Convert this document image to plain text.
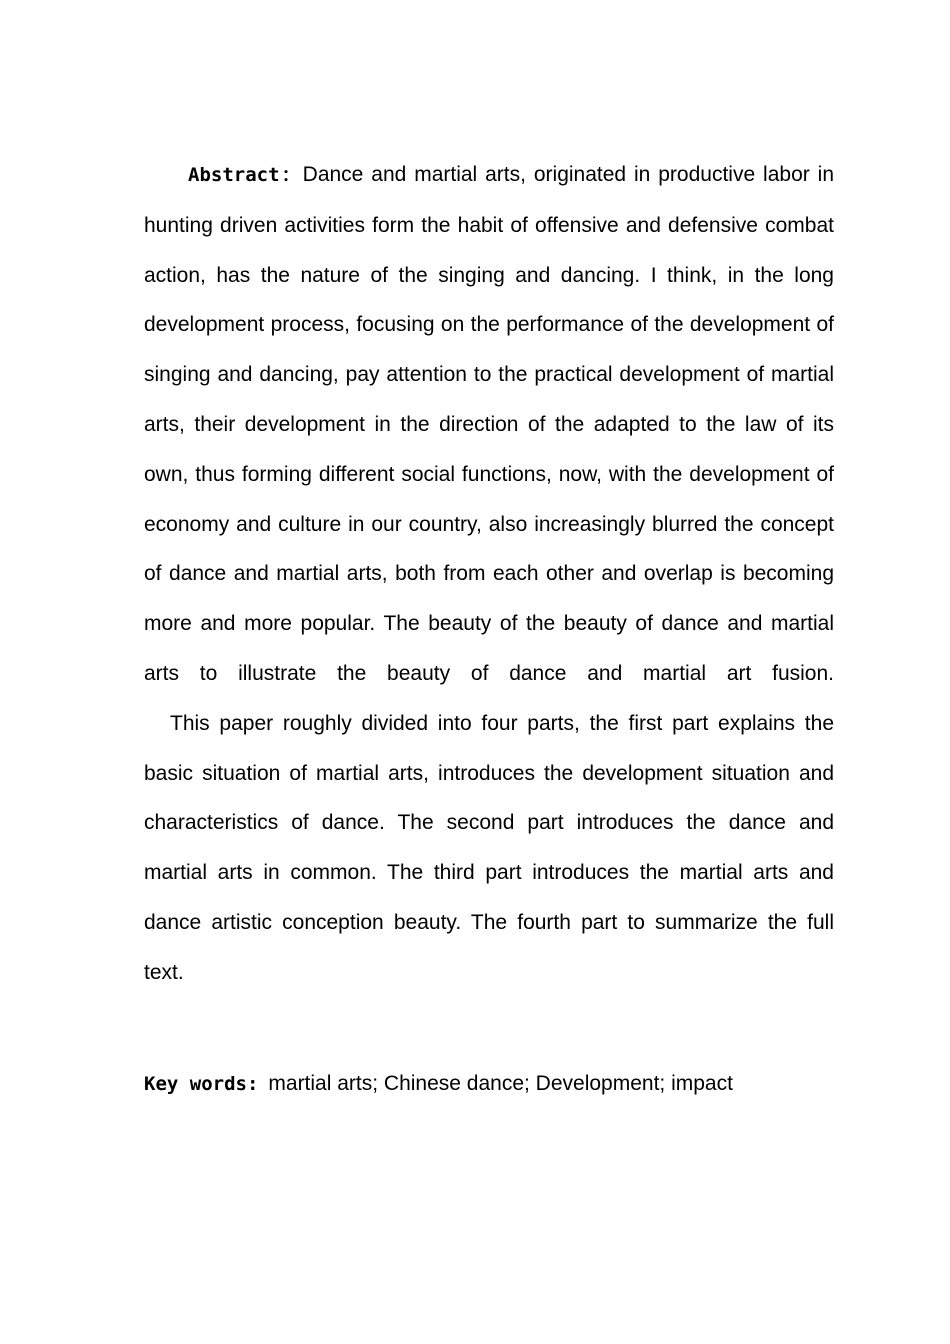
Abstract：Dance and martial arts, originated in productive labor in hunting driven activities form the habit of offensive and defensive combat action, has the nature of the singing and dancing. I think, in the long development process, focusing on the performance of the development of singing and dancing, pay attention to the practical development of martial arts, their development in the direction of the adapted to the law of its own, thus forming different social functions, now, with the development of economy and culture in our country, also increasingly blurred the concept of dance and martial arts, both from each other and overlap is becoming more and more popular. The beauty of the beauty of dance and martial arts to illustrate the beauty of dance and martial art fusion.

This paper roughly divided into four parts, the first part explains the basic situation of martial arts, introduces the development situation and characteristics of dance. The second part introduces the dance and martial arts in common. The third part introduces the martial arts and dance artistic conception beauty. The fourth part to summarize the full text.

Key words: martial arts; Chinese dance; Development; impact
